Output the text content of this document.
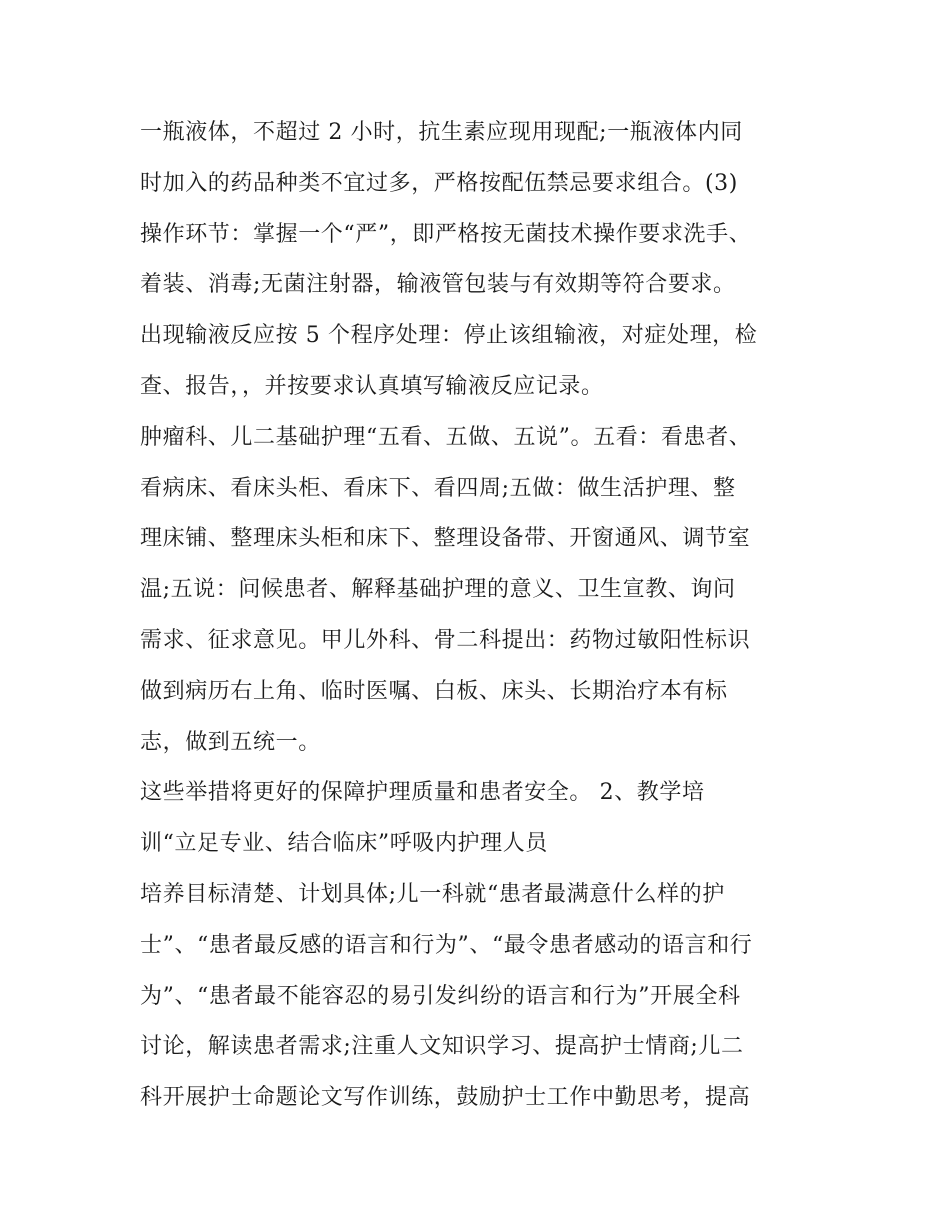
一瓶液体，不超过 2 小时，抗生素应现用现配;一瓶液体内同
时加入的药品种类不宜过多，严格按配伍禁忌要求组合。(3)
操作环节：掌握一个“严”，即严格按无菌技术操作要求洗手、
着装、消毒;无菌注射器，输液管包装与有效期等符合要求。
出现输液反应按 5 个程序处理：停止该组输液，对症处理，检
查、报告，，并按要求认真填写输液反应记录。
肿瘤科、儿二基础护理“五看、五做、五说”。五看：看患者、
看病床、看床头柜、看床下、看四周;五做：做生活护理、整
理床铺、整理床头柜和床下、整理设备带、开窗通风、调节室
温;五说：问候患者、解释基础护理的意义、卫生宣教、询问
需求、征求意见。甲儿外科、骨二科提出：药物过敏阳性标识
做到病历右上角、临时医嘱、白板、床头、长期治疗本有标
志，做到五统一。
这些举措将更好的保障护理质量和患者安全。 2、教学培
训“立足专业、结合临床”呼吸内护理人员
培养目标清楚、计划具体;儿一科就“患者最满意什么样的护
士”、“患者最反感的语言和行为”、“最令患者感动的语言和行
为”、“患者最不能容忍的易引发纠纷的语言和行为”开展全科
讨论，解读患者需求;注重人文知识学习、提高护士情商;儿二
科开展护士命题论文写作训练，鼓励护士工作中勤思考，提高
